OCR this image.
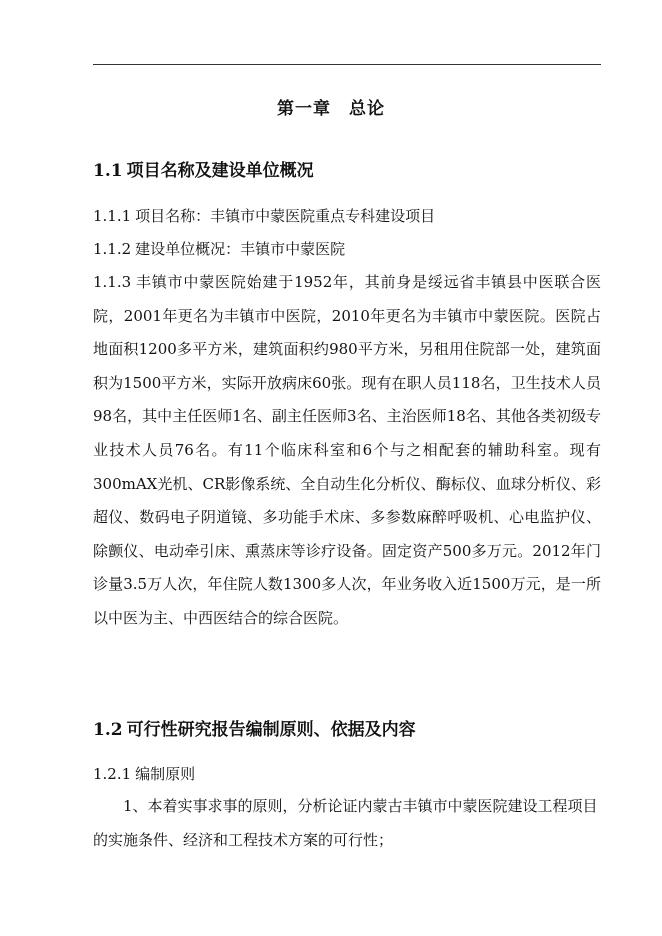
第一章　总论
1.1 项目名称及建设单位概况
1.1.1 项目名称：丰镇市中蒙医院重点专科建设项目
1.1.2 建设单位概况：丰镇市中蒙医院
1.1.3 丰镇市中蒙医院始建于1952年，其前身是绥远省丰镇县中医联合医院，2001年更名为丰镇市中医院，2010年更名为丰镇市中蒙医院。医院占地面积1200多平方米，建筑面积约980平方米，另租用住院部一处，建筑面积为1500平方米，实际开放病床60张。现有在职人员118名，卫生技术人员98名，其中主任医师1名、副主任医师3名、主治医师18名、其他各类初级专业技术人员76名。有11个临床科室和6个与之相配套的辅助科室。现有300mAX光机、CR影像系统、全自动生化分析仪、酶标仪、血球分析仪、彩超仪、数码电子阴道镜、多功能手术床、多参数麻醉呼吸机、心电监护仪、除颤仪、电动牵引床、熏蒸床等诊疗设备。固定资产500多万元。2012年门诊量3.5万人次，年住院人数1300多人次，年业务收入近1500万元，是一所以中医为主、中西医结合的综合医院。
1.2 可行性研究报告编制原则、依据及内容
1.2.1 编制原则
1、本着实事求事的原则，分析论证内蒙古丰镇市中蒙医院建设工程项目的实施条件、经济和工程技术方案的可行性；
